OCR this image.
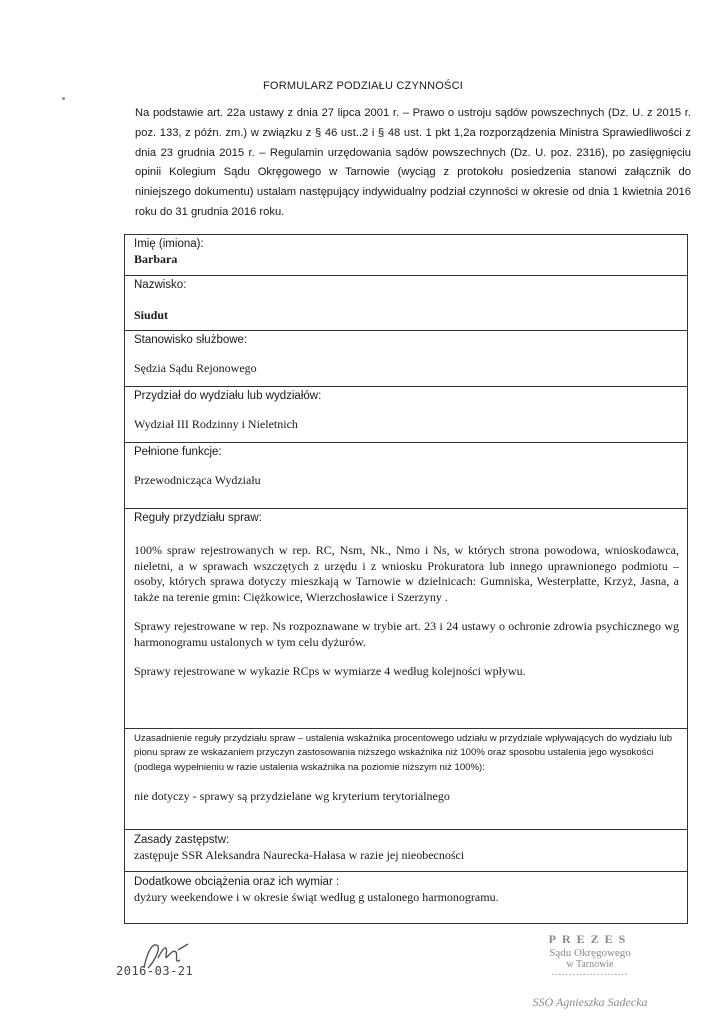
FORMULARZ PODZIAŁU CZYNNOŚCI

Na podstawie art. 22a ustawy z dnia 27 lipca 2001 r. – Prawo o ustroju sądów powszechnych (Dz. U. z 2015 r. poz. 133, z późn. zm.) w związku z § 46 ust..2 i § 48 ust. 1 pkt 1,2a rozporządzenia Ministra Sprawiedliwości z dnia 23 grudnia 2015 r. – Regulamin urzędowania sądów powszechnych (Dz. U. poz. 2316), po zasięgnięciu opinii Kolegium Sądu Okręgowego w Tarnowie (wyciąg z protokołu posiedzenia stanowi załącznik do niniejszego dokumentu) ustalam następujący indywidualny podział czynności w okresie od dnia 1 kwietnia 2016 roku do 31 grudnia 2016 roku.

Imię (imiona):
Barbara
Nazwisko:
Siudut
Stanowisko służbowe:
Sędzia Sądu Rejonowego
Przydział do wydziału lub wydziałów:
Wydział III Rodzinny i Nieletnich
Pełnione funkcje:
Przewodnicząca Wydziału
Reguły przydziału spraw:

100% spraw rejestrowanych w rep. RC, Nsm, Nk., Nmo i Ns, w których strona powodowa, wnioskodawca, nieletni, a w sprawach wszczętych z urzędu i z wniosku Prokuratora lub innego uprawnionego podmiotu – osoby, których sprawa dotyczy mieszkają w Tarnowie w dzielnicach: Gumniska, Westerplatte, Krzyż, Jasna, a także na terenie gmin: Ciężkowice, Wierzchosławice i Szerzyny .

Sprawy rejestrowane w rep. Ns rozpoznawane w trybie art. 23 i 24 ustawy o ochronie zdrowia psychicznego wg harmonogramu ustalonych w tym celu dyżurów.

Sprawy rejestrowane w wykazie RCps w wymiarze 4 według kolejności wpływu.

Uzasadnienie reguły przydziału spraw – ustalenia wskaźnika procentowego udziału w przydziale wpływających do wydziału lub pionu spraw ze wskazaniem przyczyn zastosowania niższego wskaźnika niż 100% oraz sposobu ustalenia jego wysokości (podlega wypełnieniu w razie ustalenia wskaźnika na poziomie niższym niż 100%):
nie dotyczy - sprawy są przydzielane wg kryterium terytorialnego
Zasady zastępstw:
zastępuje SSR Aleksandra Naurecka-Hałasa w razie jej nieobecności
Dodatkowe obciążenia oraz ich wymiar :
dyżury weekendowe i w okresie świąt według g ustalonego harmonogramu.
2016-03-21
PREZES
Sądu Okręgowego
w Tarnowie
......................
SSO Agnieszka Sadecka
